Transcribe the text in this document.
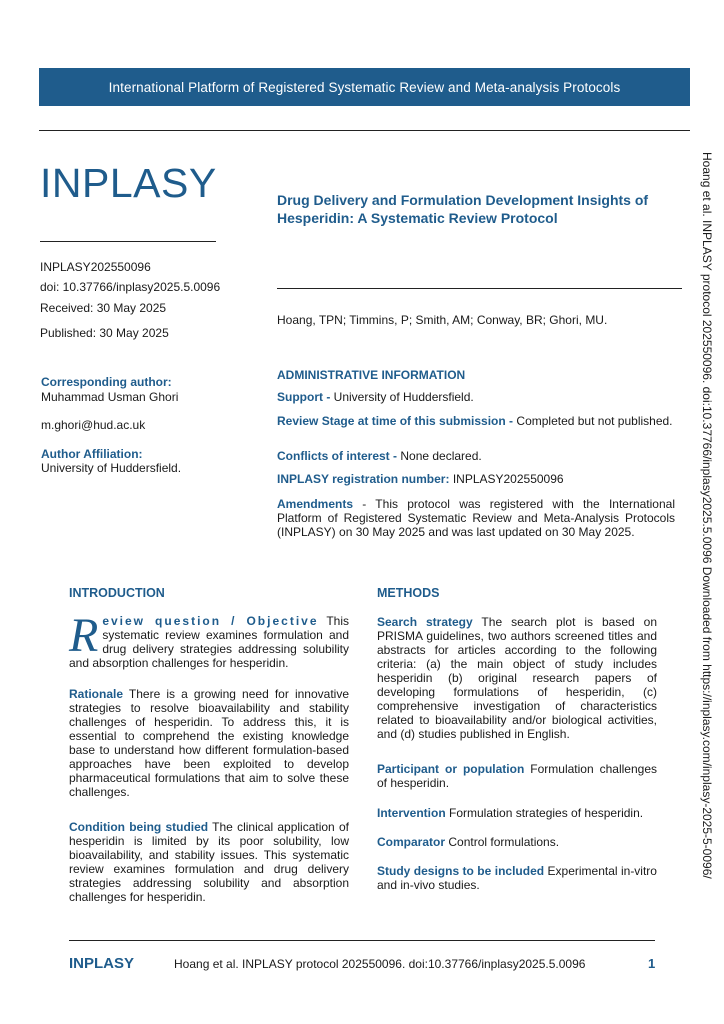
International Platform of Registered Systematic Review and Meta-analysis Protocols
INPLASY
INPLASY202550096
doi: 10.37766/inplasy2025.5.0096
Received: 30 May 2025
Published: 30 May 2025
Corresponding author:
Muhammad Usman Ghori
m.ghori@hud.ac.uk
Author Affiliation:
University of Huddersfield.
Drug Delivery and Formulation Development Insights of Hesperidin: A Systematic Review Protocol
Hoang, TPN; Timmins, P; Smith, AM; Conway, BR; Ghori, MU.
ADMINISTRATIVE INFORMATION
Support - University of Huddersfield.
Review Stage at time of this submission - Completed but not published.
Conflicts of interest - None declared.
INPLASY registration number: INPLASY202550096
Amendments - This protocol was registered with the International Platform of Registered Systematic Review and Meta-Analysis Protocols (INPLASY) on 30 May 2025 and was last updated on 30 May 2025.
INTRODUCTION
Review question / Objective This systematic review examines formulation and drug delivery strategies addressing solubility and absorption challenges for hesperidin.
Rationale There is a growing need for innovative strategies to resolve bioavailability and stability challenges of hesperidin. To address this, it is essential to comprehend the existing knowledge base to understand how different formulation-based approaches have been exploited to develop pharmaceutical formulations that aim to solve these challenges.
Condition being studied The clinical application of hesperidin is limited by its poor solubility, low bioavailability, and stability issues. This systematic review examines formulation and drug delivery strategies addressing solubility and absorption challenges for hesperidin.
METHODS
Search strategy The search plot is based on PRISMA guidelines, two authors screened titles and abstracts for articles according to the following criteria: (a) the main object of study includes hesperidin (b) original research papers of developing formulations of hesperidin, (c) comprehensive investigation of characteristics related to bioavailability and/or biological activities, and (d) studies published in English.
Participant or population Formulation challenges of hesperidin.
Intervention Formulation strategies of hesperidin.
Comparator Control formulations.
Study designs to be included Experimental in-vitro and in-vivo studies.
Hoang et al. INPLASY protocol 202550096. doi:10.37766/inplasy2025.5.0096 Downloaded from https://inplasy.com/inplasy-2025-5-0096/
INPLASY	Hoang et al. INPLASY protocol 202550096. doi:10.37766/inplasy2025.5.0096	1
